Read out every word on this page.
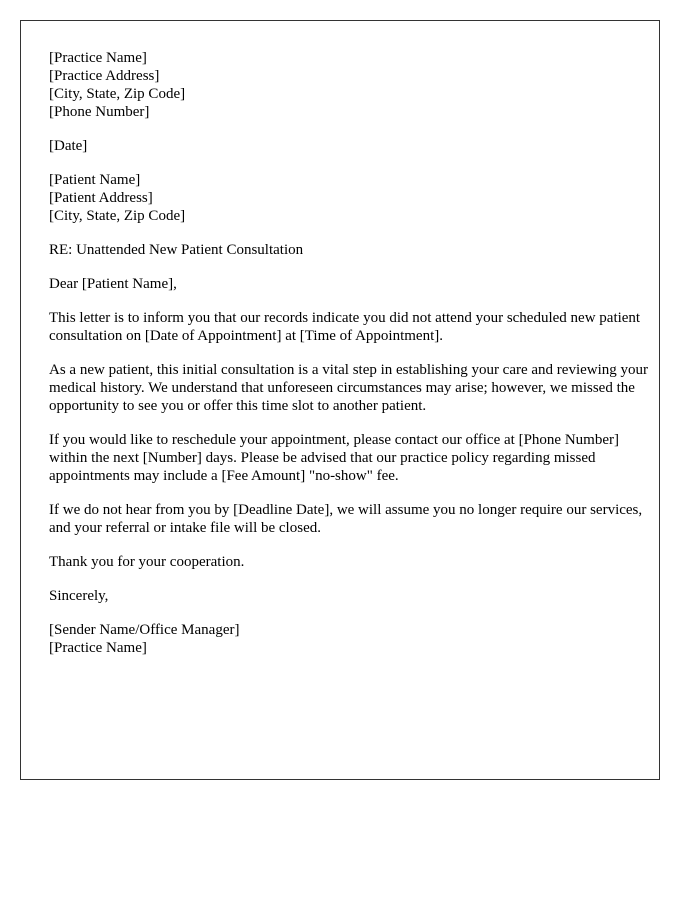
[Practice Name]
[Practice Address]
[City, State, Zip Code]
[Phone Number]
[Date]
[Patient Name]
[Patient Address]
[City, State, Zip Code]

RE: Unattended New Patient Consultation

Dear [Patient Name],

This letter is to inform you that our records indicate you did not attend your scheduled new patient consultation on [Date of Appointment] at [Time of Appointment].

As a new patient, this initial consultation is a vital step in establishing your care and reviewing your medical history. We understand that unforeseen circumstances may arise; however, we missed the opportunity to see you or offer this time slot to another patient.

If you would like to reschedule your appointment, please contact our office at [Phone Number] within the next [Number] days. Please be advised that our practice policy regarding missed appointments may include a [Fee Amount] "no-show" fee.

If we do not hear from you by [Deadline Date], we will assume you no longer require our services, and your referral or intake file will be closed.

Thank you for your cooperation.

Sincerely,

[Sender Name/Office Manager]
[Practice Name]
